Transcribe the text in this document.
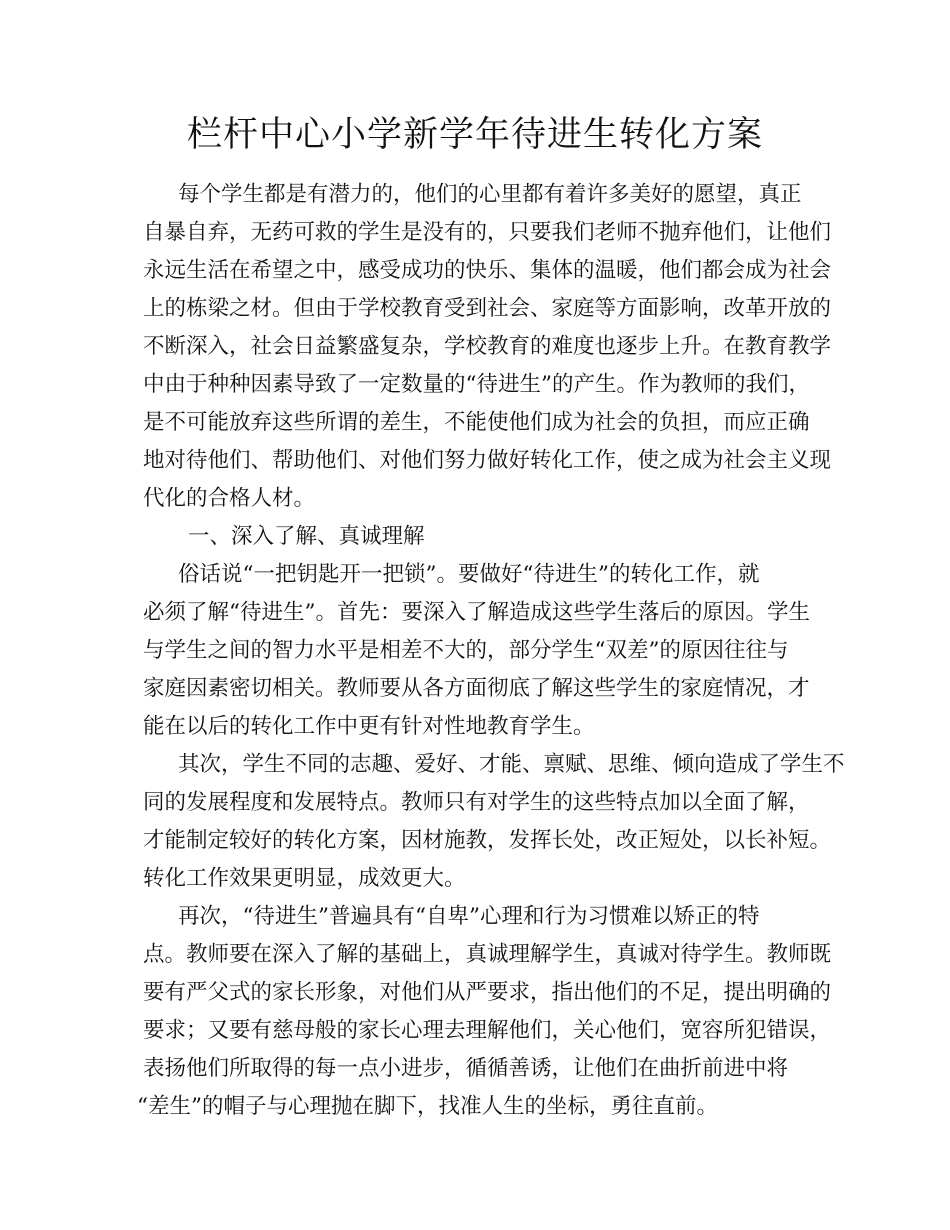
栏杆中心小学新学年待进生转化方案

每个学生都是有潜力的，他们的心里都有着许多美好的愿望，真正

自暴自弃，无药可救的学生是没有的，只要我们老师不抛弃他们，让他们

永远生活在希望之中，感受成功的快乐、集体的温暖，他们都会成为社会

上的栋梁之材。但由于学校教育受到社会、家庭等方面影响，改革开放的

不断深入，社会日益繁盛复杂，学校教育的难度也逐步上升。在教育教学

中由于种种因素导致了一定数量的“待进生”的产生。作为教师的我们，

是不可能放弃这些所谓的差生，不能使他们成为社会的负担，而应正确

地对待他们、帮助他们、对他们努力做好转化工作，使之成为社会主义现

代化的合格人材。

一、深入了解、真诚理解

俗话说“一把钥匙开一把锁”。要做好“待进生”的转化工作，就

必须了解“待进生”。首先：要深入了解造成这些学生落后的原因。学生

与学生之间的智力水平是相差不大的，部分学生“双差”的原因往往与

家庭因素密切相关。教师要从各方面彻底了解这些学生的家庭情况，才

能在以后的转化工作中更有针对性地教育学生。

其次，学生不同的志趣、爱好、才能、禀赋、思维、倾向造成了学生不

同的发展程度和发展特点。教师只有对学生的这些特点加以全面了解，

才能制定较好的转化方案，因材施教，发挥长处，改正短处，以长补短。

转化工作效果更明显，成效更大。

再次，“待进生”普遍具有“自卑”心理和行为习惯难以矫正的特

点。教师要在深入了解的基础上，真诚理解学生，真诚对待学生。教师既

要有严父式的家长形象，对他们从严要求，指出他们的不足，提出明确的

要求；又要有慈母般的家长心理去理解他们，关心他们，宽容所犯错误，

表扬他们所取得的每一点小进步，循循善诱，让他们在曲折前进中将

“差生”的帽子与心理抛在脚下，找准人生的坐标，勇往直前。
